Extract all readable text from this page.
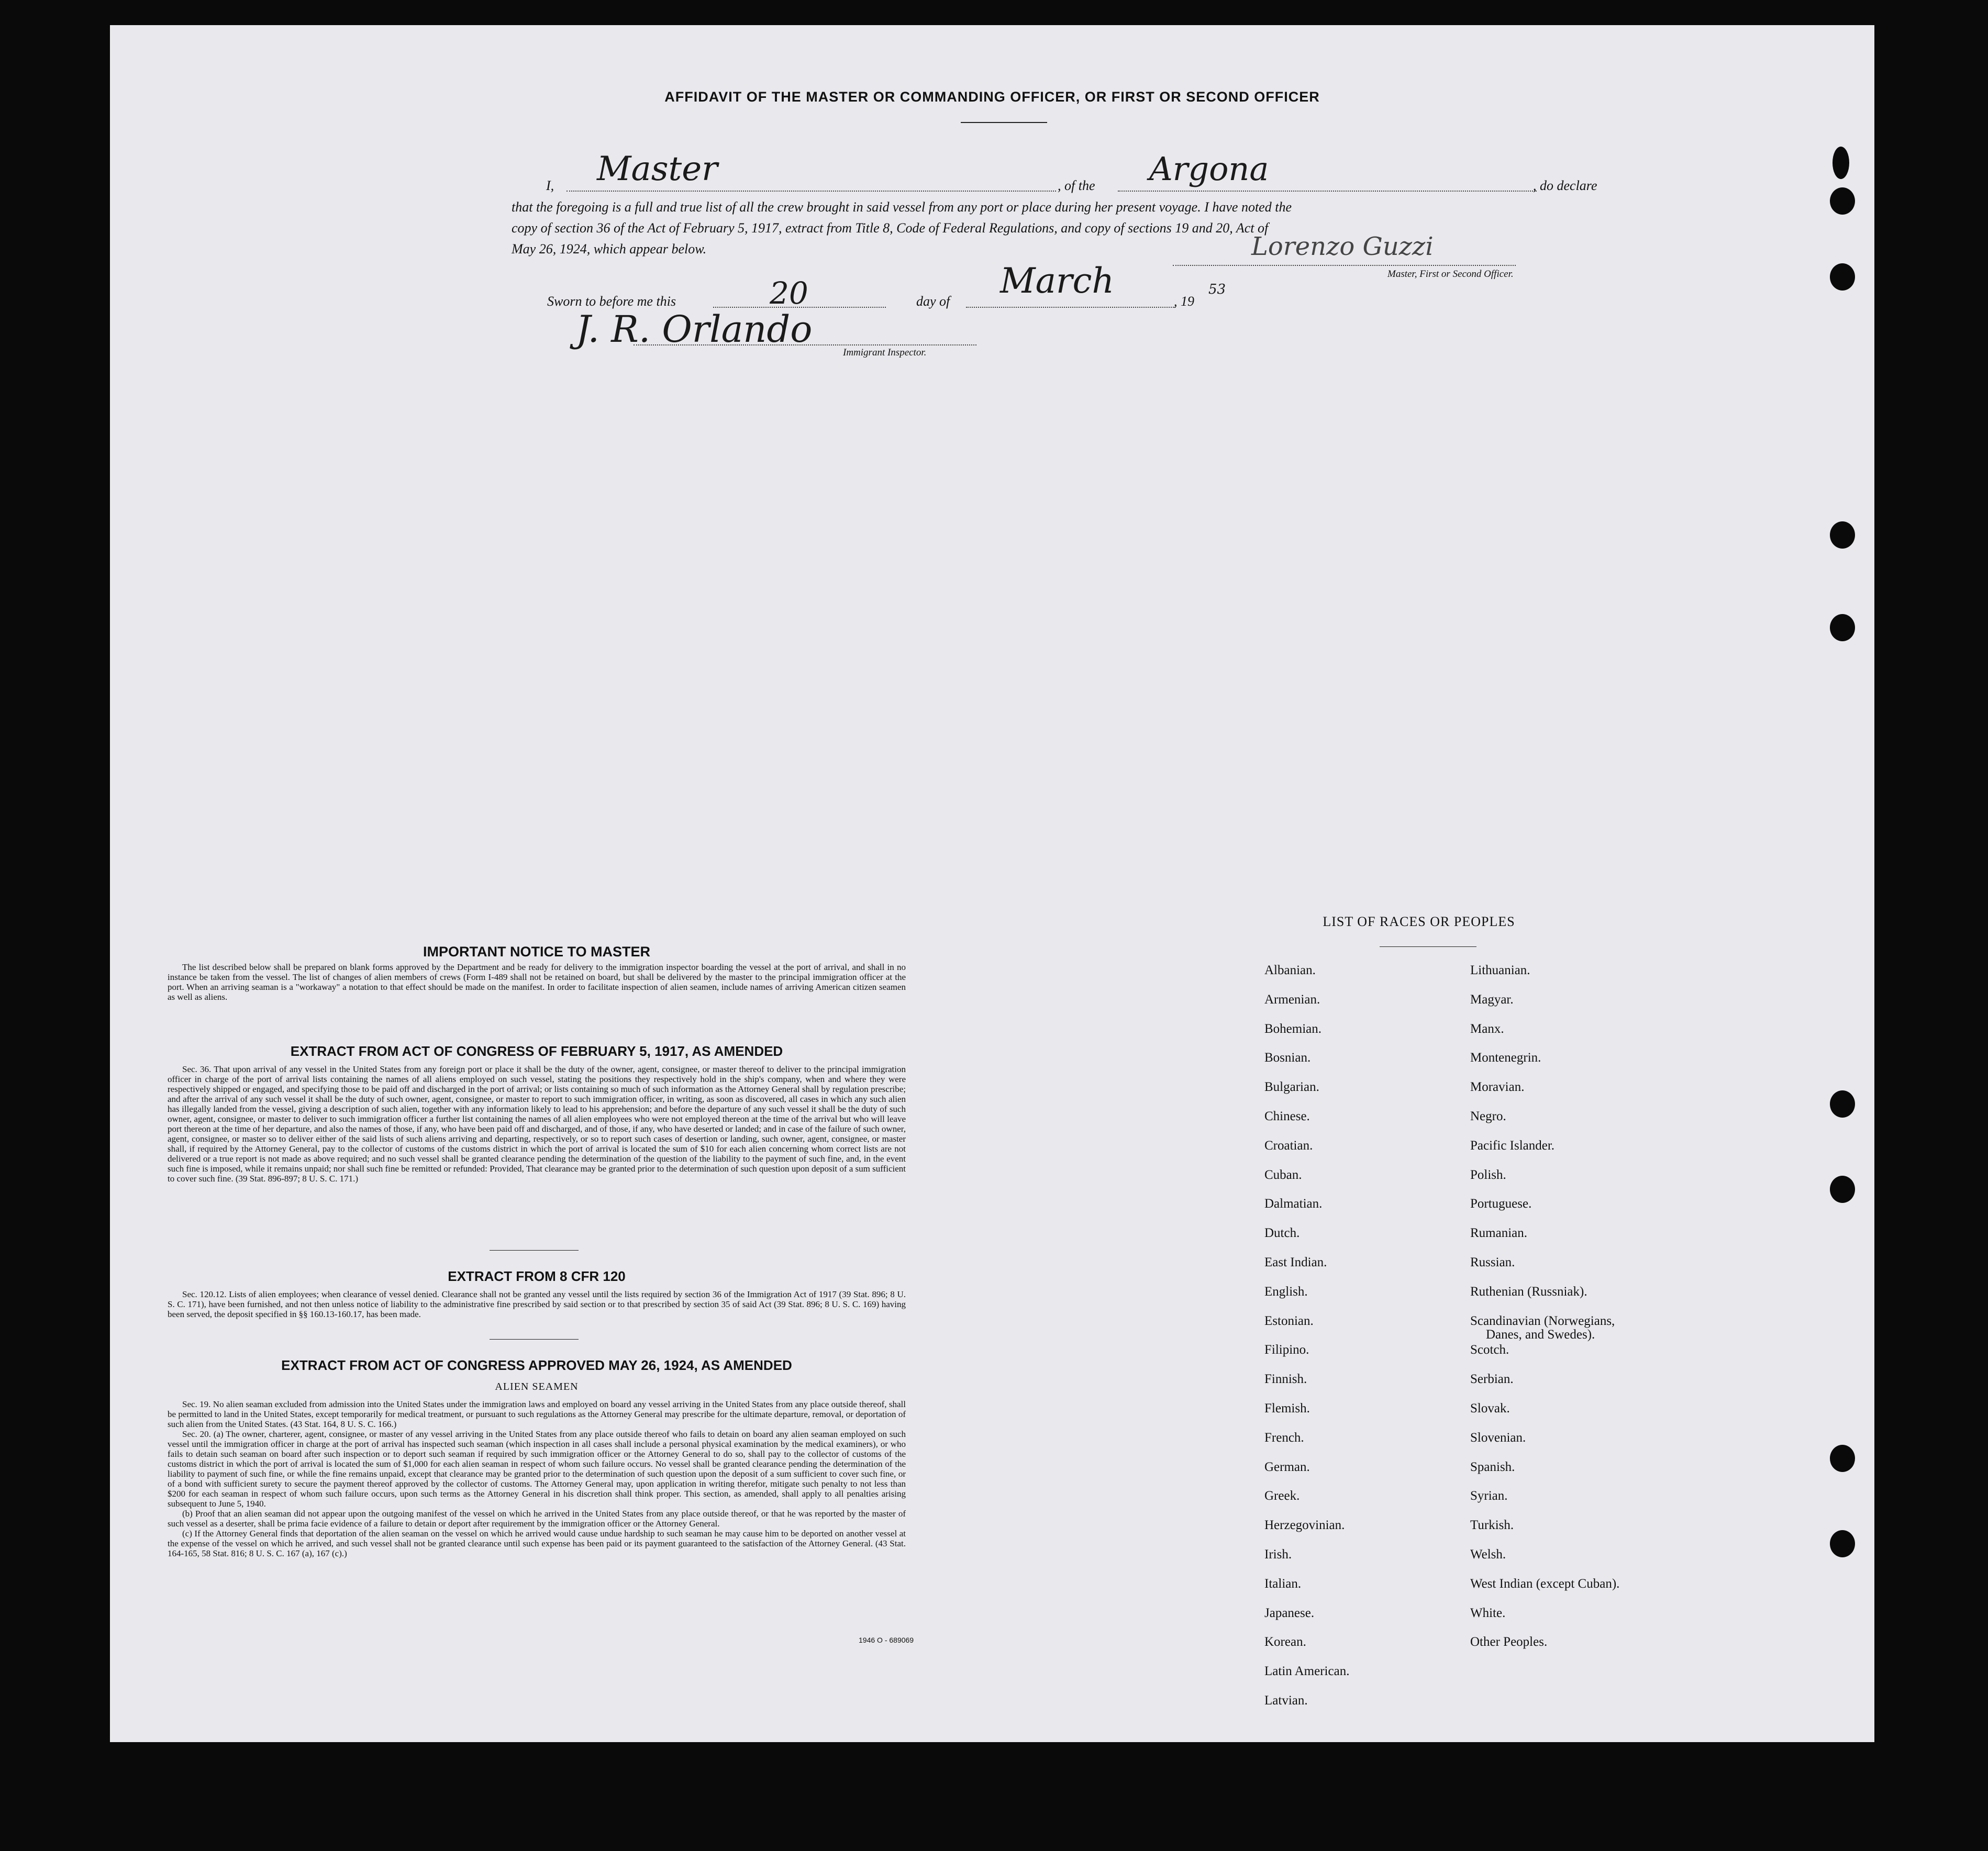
AFFIDAVIT OF THE MASTER OR COMMANDING OFFICER, OR FIRST OR SECOND OFFICER
I, Master	, of the Argona	, do declare
that the foregoing is a full and true list of all the crew brought in said vessel from any port or place during her present voyage. I have noted the
copy of section 36 of the Act of February 5, 1917, extract from Title 8, Code of Federal Regulations, and copy of sections 19 and 20, Act of
May 26, 1924, which appear below.	Lorenzo Guzzi
Master, First or Second Officer.
Sworn to before me this	20	day of
March
, 19
53
J. R. Orlando
Immigrant Inspector.
IMPORTANT NOTICE TO MASTER

The list described below shall be prepared on blank forms approved by the Department and be ready for delivery to the immigration inspector boarding the vessel at the port of arrival, and shall in no instance be taken from the vessel. The list of changes of alien members of crews (Form I-489 shall not be retained on board, but shall be delivered by the master to the principal immigration officer at the port. When an arriving seaman is a "workaway" a notation to that effect should be made on the manifest. In order to facilitate inspection of alien seamen, include names of arriving American citizen seamen as well as aliens.

EXTRACT FROM ACT OF CONGRESS OF FEBRUARY 5, 1917, AS AMENDED

Sec. 36. That upon arrival of any vessel in the United States from any foreign port or place it shall be the duty of the owner, agent, consignee, or master thereof to deliver to the principal immigration officer in charge of the port of arrival lists containing the names of all aliens employed on such vessel, stating the positions they respectively hold in the ship's company, when and where they were respectively shipped or engaged, and specifying those to be paid off and discharged in the port of arrival; or lists containing so much of such information as the Attorney General shall by regulation prescribe; and after the arrival of any such vessel it shall be the duty of such owner, agent, consignee, or master to report to such immigration officer, in writing, as soon as discovered, all cases in which any such alien has illegally landed from the vessel, giving a description of such alien, together with any information likely to lead to his apprehension; and before the departure of any such vessel it shall be the duty of such owner, agent, consignee, or master to deliver to such immigration officer a further list containing the names of all alien employees who were not employed thereon at the time of the arrival but who will leave port thereon at the time of her departure, and also the names of those, if any, who have been paid off and discharged, and of those, if any, who have deserted or landed; and in case of the failure of such owner, agent, consignee, or master so to deliver either of the said lists of such aliens arriving and departing, respectively, or so to report such cases of desertion or landing, such owner, agent, consignee, or master shall, if required by the Attorney General, pay to the collector of customs of the customs district in which the port of arrival is located the sum of $10 for each alien concerning whom correct lists are not delivered or a true report is not made as above required; and no such vessel shall be granted clearance pending the determination of the question of the liability to the payment of such fine, and, in the event such fine is imposed, while it remains unpaid; nor shall such fine be remitted or refunded: Provided, That clearance may be granted prior to the determination of such question upon deposit of a sum sufficient to cover such fine. (39 Stat. 896-897; 8 U. S. C. 171.)

EXTRACT FROM 8 CFR 120

Sec. 120.12. Lists of alien employees; when clearance of vessel denied. Clearance shall not be granted any vessel until the lists required by section 36 of the Immigration Act of 1917 (39 Stat. 896; 8 U. S. C. 171), have been furnished, and not then unless notice of liability to the administrative fine prescribed by said section or to that prescribed by section 35 of said Act (39 Stat. 896; 8 U. S. C. 169) having been served, the deposit specified in §§ 160.13-160.17, has been made.

EXTRACT FROM ACT OF CONGRESS APPROVED MAY 26, 1924, AS AMENDED
ALIEN SEAMEN

Sec. 19. No alien seaman excluded from admission into the United States under the immigration laws and employed on board any vessel arriving in the United States from any place outside thereof, shall be permitted to land in the United States, except temporarily for medical treatment, or pursuant to such regulations as the Attorney General may prescribe for the ultimate departure, removal, or deportation of such alien from the United States. (43 Stat. 164, 8 U. S. C. 166.)

Sec. 20. (a) The owner, charterer, agent, consignee, or master of any vessel arriving in the United States from any place outside thereof who fails to detain on board any alien seaman employed on such vessel until the immigration officer in charge at the port of arrival has inspected such seaman (which inspection in all cases shall include a personal physical examination by the medical examiners), or who fails to detain such seaman on board after such inspection or to deport such seaman if required by such immigration officer or the Attorney General to do so, shall pay to the collector of customs of the customs district in which the port of arrival is located the sum of $1,000 for each alien seaman in respect of whom such failure occurs. No vessel shall be granted clearance pending the determination of the liability to payment of such fine, or while the fine remains unpaid, except that clearance may be granted prior to the determination of such question upon the deposit of a sum sufficient to cover such fine, or of a bond with sufficient surety to secure the payment thereof approved by the collector of customs. The Attorney General may, upon application in writing therefor, mitigate such penalty to not less than $200 for each seaman in respect of whom such failure occurs, upon such terms as the Attorney General in his discretion shall think proper. This section, as amended, shall apply to all penalties arising subsequent to June 5, 1940.

(b) Proof that an alien seaman did not appear upon the outgoing manifest of the vessel on which he arrived in the United States from any place outside thereof, or that he was reported by the master of such vessel as a deserter, shall be prima facie evidence of a failure to detain or deport after requirement by the immigration officer or the Attorney General.

(c) If the Attorney General finds that deportation of the alien seaman on the vessel on which he arrived would cause undue hardship to such seaman he may cause him to be deported on another vessel at the expense of the vessel on which he arrived, and such vessel shall not be granted clearance until such expense has been paid or its payment guaranteed to the satisfaction of the Attorney General. (43 Stat. 164-165, 58 Stat. 816; 8 U. S. C. 167 (a), 167 (c).)

1946 O - 689069
LIST OF RACES OR PEOPLES
Albanian.
Armenian.
Bohemian.
Bosnian.
Bulgarian.
Chinese.
Croatian.
Cuban.
Dalmatian.
Dutch.
East Indian.
English.
Estonian.
Filipino.
Finnish.
Flemish.
French.
German.
Greek.
Herzegovinian.
Irish.
Italian.
Japanese.
Korean.
Latin American.
Latvian.
Lithuanian.
Magyar.
Manx.
Montenegrin.
Moravian.
Negro.
Pacific Islander.
Polish.
Portuguese.
Rumanian.
Russian.
Ruthenian (Russniak).
Scandinavian (Norwegians,
Danes, and Swedes).
Scotch.
Serbian.
Slovak.
Slovenian.
Spanish.
Syrian.
Turkish.
Welsh.
West Indian (except Cuban).
White.
Other Peoples.
